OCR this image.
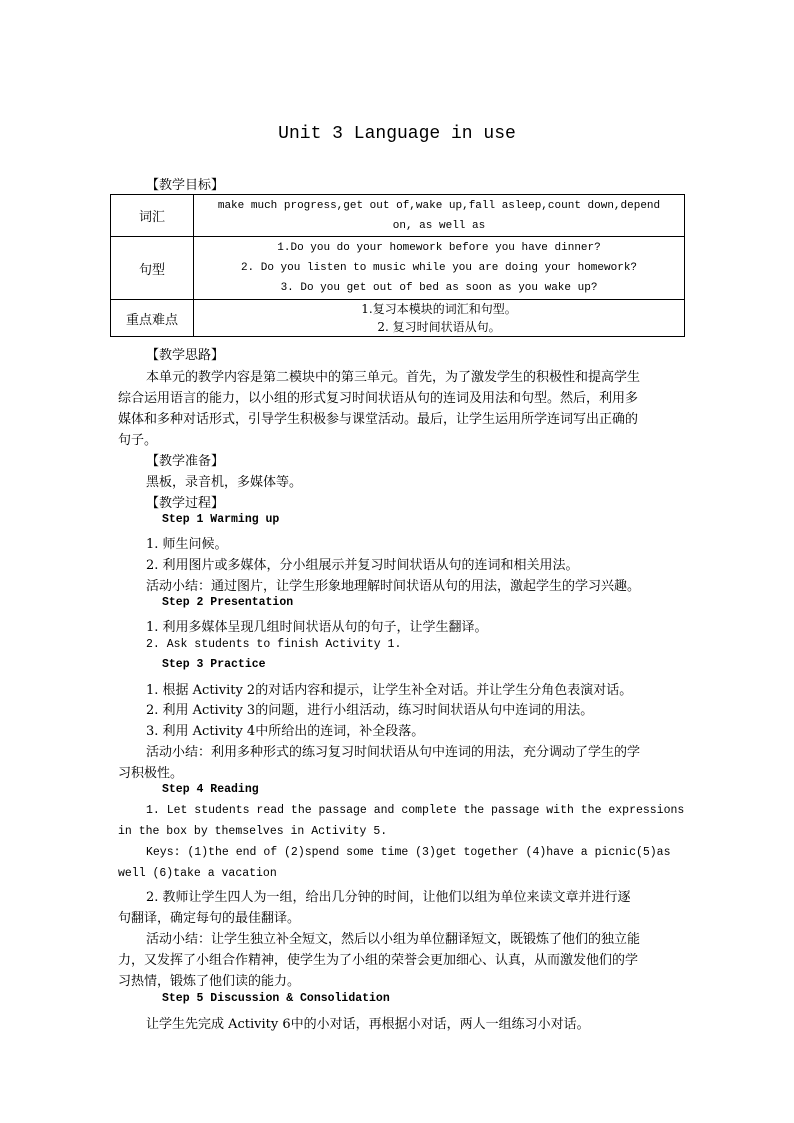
Unit 3 Language in use
【教学目标】
词汇	make much progress,get out of,wake up,fall asleep,count down,depend
on, as well as

句型	1.Do you do your homework before you have dinner?
2. Do you listen to music while you are doing your homework?
3. Do you get out of bed as soon as you wake up?

重点难点	1.复习本模块的词汇和句型。
2. 复习时间状语从句。
【教学思路】
本单元的教学内容是第二模块中的第三单元。首先，为了激发学生的积极性和提高学生
综合运用语言的能力，以小组的形式复习时间状语从句的连词及用法和句型。然后，利用多
媒体和多种对话形式，引导学生积极参与课堂活动。最后，让学生运用所学连词写出正确的
句子。
【教学准备】
黑板，录音机，多媒体等。
【教学过程】
Step 1 Warming up
1. 师生问候。
2. 利用图片或多媒体，分小组展示并复习时间状语从句的连词和相关用法。
活动小结：通过图片，让学生形象地理解时间状语从句的用法，激起学生的学习兴趣。
Step 2 Presentation
1. 利用多媒体呈现几组时间状语从句的句子，让学生翻译。
2. Ask students to finish Activity 1.
Step 3 Practice
1. 根据 Activity 2的对话内容和提示，让学生补全对话。并让学生分角色表演对话。
2. 利用 Activity 3的问题，进行小组活动，练习时间状语从句中连词的用法。
3. 利用 Activity 4中所给出的连词，补全段落。
活动小结：利用多种形式的练习复习时间状语从句中连词的用法，充分调动了学生的学
习积极性。
Step 4 Reading
1. Let students read the passage and complete the passage with the expressions
in the box by themselves in Activity 5.
Keys: (1)the end of (2)spend some time (3)get together (4)have a picnic(5)as
well (6)take a vacation
2. 教师让学生四人为一组，给出几分钟的时间，让他们以组为单位来读文章并进行逐
句翻译，确定每句的最佳翻译。
活动小结：让学生独立补全短文，然后以小组为单位翻译短文，既锻炼了他们的独立能
力，又发挥了小组合作精神，使学生为了小组的荣誉会更加细心、认真，从而激发他们的学
习热情，锻炼了他们读的能力。
Step 5 Discussion & Consolidation
让学生先完成 Activity 6中的小对话，再根据小对话，两人一组练习小对话。
